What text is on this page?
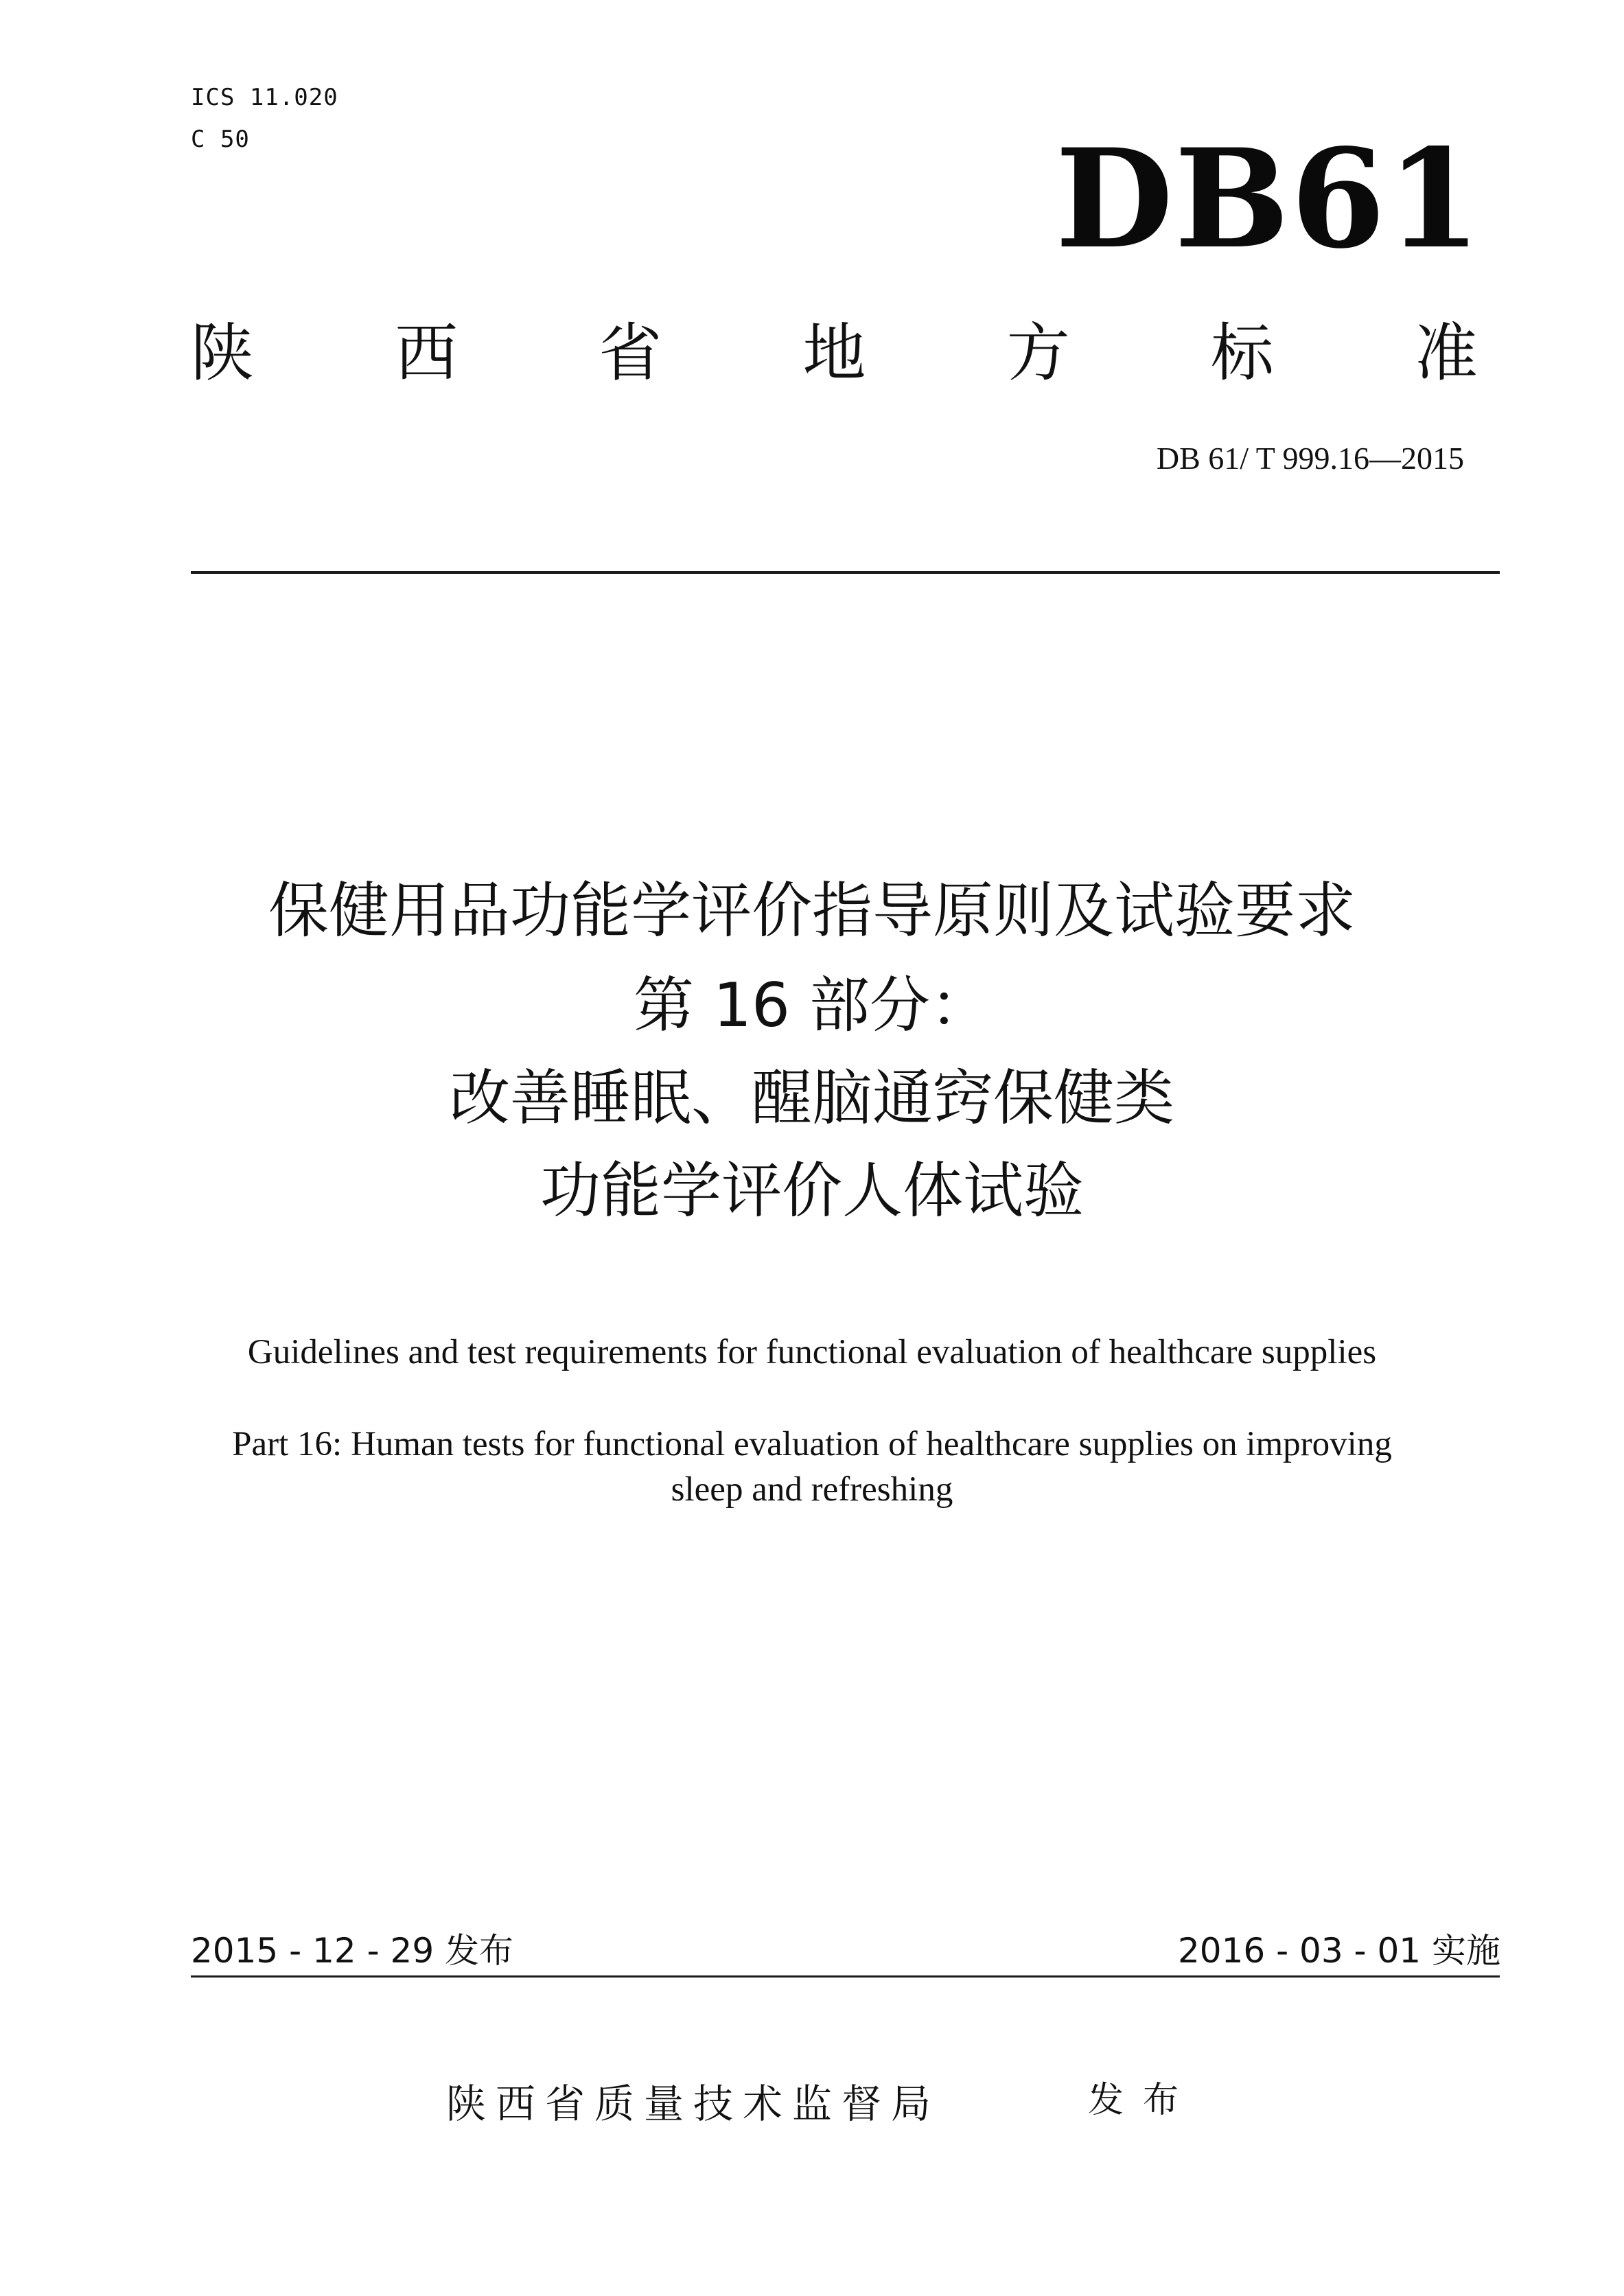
ICS 11.020
C 50	DB61
陕 西 省 地 方 标 准
DB 61/ T 999.16—2015
保健用品功能学评价指导原则及试验要求
第 16 部分：
改善睡眠、醒脑通窍保健类
功能学评价人体试验
Guidelines and test requirements for functional evaluation of healthcare supplies
Part 16: Human tests for functional evaluation of healthcare supplies on improving
sleep and refreshing
2015 - 12 - 29 发布	2016 - 03 - 01 实施
陕西省质量技术监督局	发布
